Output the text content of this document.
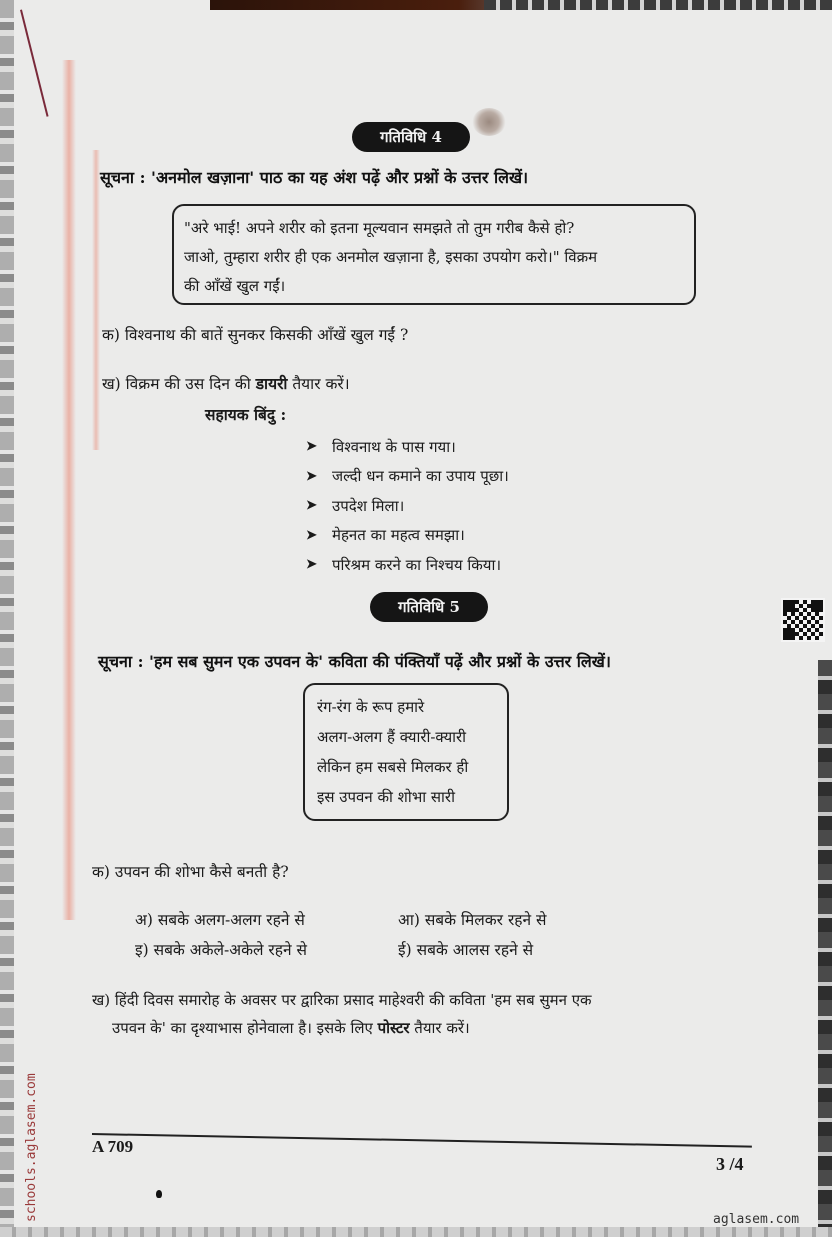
गतिविधि 4
सूचना : 'अनमोल खज़ाना' पाठ का यह अंश पढ़ें और प्रश्नों के उत्तर लिखें।

"अरे भाई! अपने शरीर को इतना मूल्यवान समझते तो तुम गरीब कैसे हो?

जाओ, तुम्हारा शरीर ही एक अनमोल खज़ाना है, इसका उपयोग करो।" विक्रम

की आँखें खुल गईं।

क) विश्वनाथ की बातें सुनकर किसकी आँखें खुल गईं ?
ख) विक्रम की उस दिन की डायरी तैयार करें।
सहायक बिंदु :
➤	विश्वनाथ के पास गया।
➤	जल्दी धन कमाने का उपाय पूछा।
➤	उपदेश मिला।
➤	मेहनत का महत्व समझा।
➤	परिश्रम करने का निश्चय किया।
गतिविधि 5
सूचना : 'हम सब सुमन एक उपवन के' कविता की पंक्तियाँ पढ़ें और प्रश्नों के उत्तर लिखें।

रंग-रंग के रूप हमारे

अलग-अलग हैं क्यारी-क्यारी

लेकिन हम सबसे मिलकर ही

इस उपवन की शोभा सारी

क) उपवन की शोभा कैसे बनती है?
अ) सबके अलग-अलग रहने से	आ) सबके मिलकर रहने से
इ) सबके अकेले-अकेले रहने से	ई) सबके आलस रहने से
ख) हिंदी दिवस समारोह के अवसर पर द्वारिका प्रसाद माहेश्वरी की कविता 'हम सब सुमन एक
उपवन के' का दृश्याभास होनेवाला है। इसके लिए पोस्टर तैयार करें।
A 709
3 /4
aglasem.com
schools.aglasem.com
